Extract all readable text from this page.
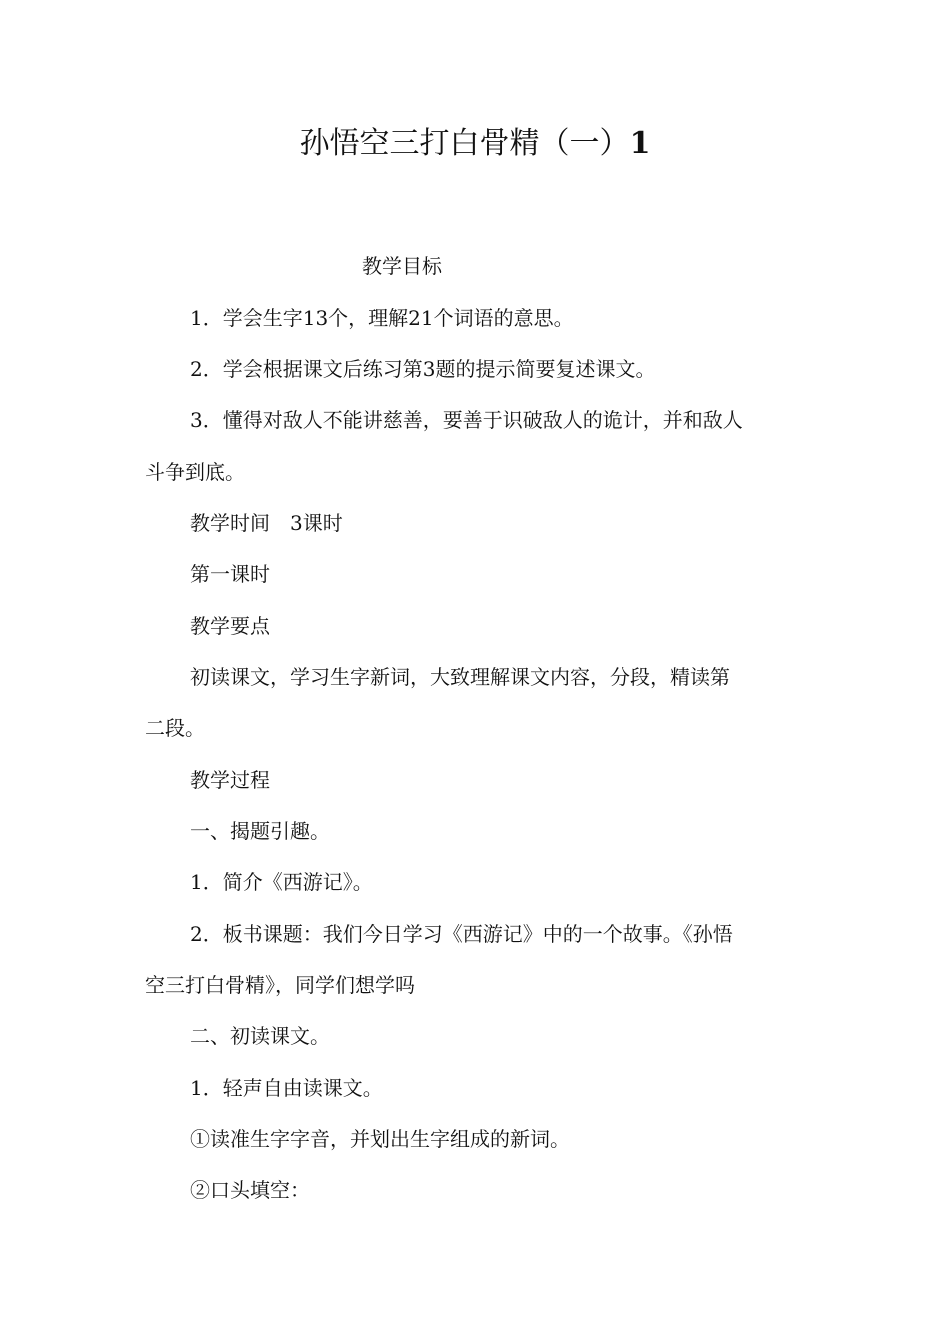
孙悟空三打白骨精（一）1
教学目标
1．学会生字13个，理解21个词语的意思。
2．学会根据课文后练习第3题的提示简要复述课文。
3．懂得对敌人不能讲慈善，要善于识破敌人的诡计，并和敌人
斗争到底。
教学时间　3课时
第一课时
教学要点
初读课文，学习生字新词，大致理解课文内容，分段，精读第
二段。
教学过程
一、揭题引趣。
1．简介《西游记》。
2．板书课题：我们今日学习《西游记》中的一个故事。《孙悟
空三打白骨精》，同学们想学吗
二、初读课文。
1．轻声自由读课文。
①读准生字字音，并划出生字组成的新词。
②口头填空：
